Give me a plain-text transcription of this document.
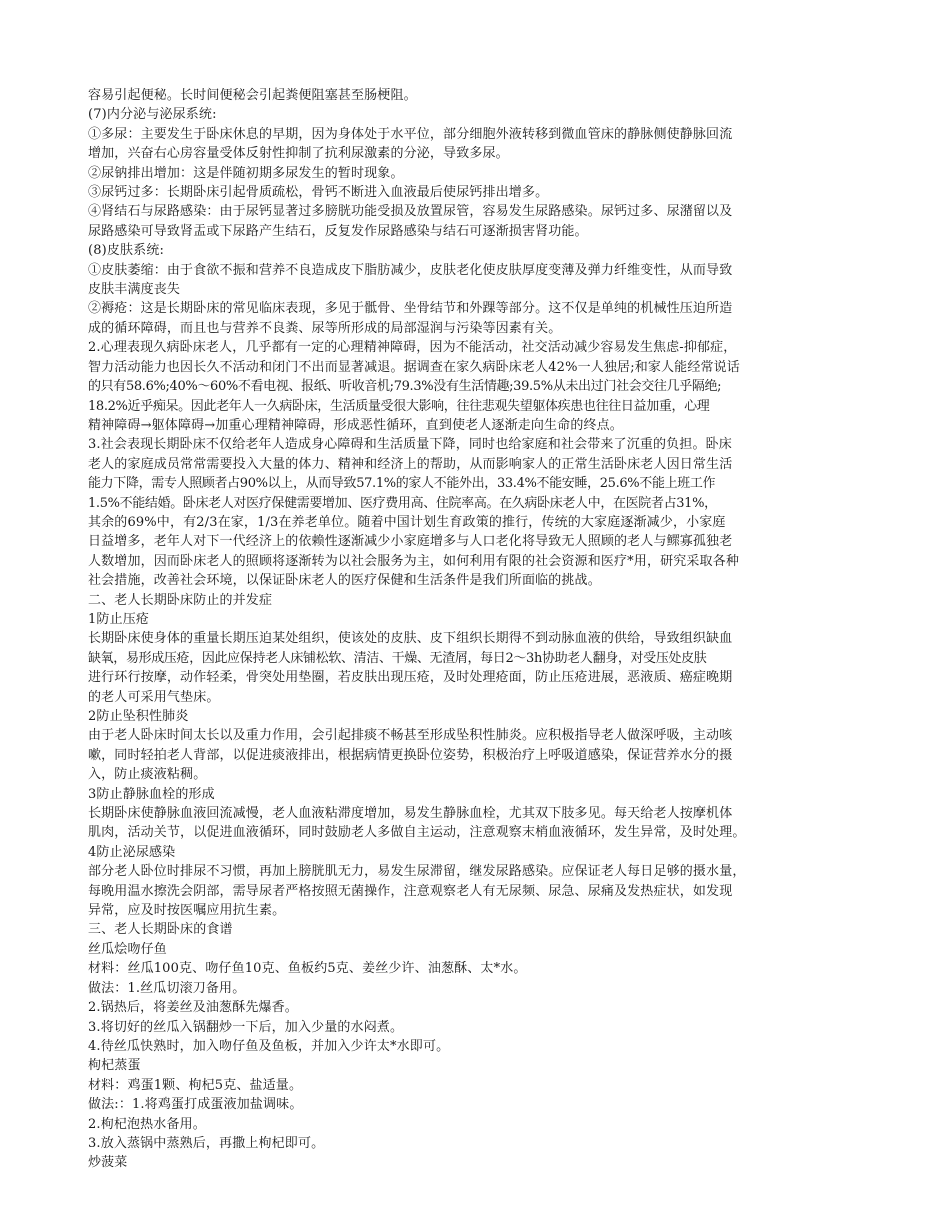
容易引起便秘。长时间便秘会引起粪便阻塞甚至肠梗阻。
(7)内分泌与泌尿系统:
①多尿：主要发生于卧床休息的早期，因为身体处于水平位，部分细胞外液转移到微血管床的静脉侧使静脉回流
增加，兴奋右心房容量受体反射性抑制了抗利尿激素的分泌，导致多尿。
②尿钠排出增加：这是伴随初期多尿发生的暂时现象。
③尿钙过多：长期卧床引起骨质疏松，骨钙不断进入血液最后使尿钙排出增多。
④肾结石与尿路感染：由于尿钙显著过多膀胱功能受损及放置尿管，容易发生尿路感染。尿钙过多、尿潴留以及
尿路感染可导致肾盂或下尿路产生结石，反复发作尿路感染与结石可逐渐损害肾功能。
(8)皮肤系统:
①皮肤萎缩：由于食欲不振和营养不良造成皮下脂肪减少，皮肤老化使皮肤厚度变薄及弹力纤维变性，从而导致
皮肤丰满度丧失
②褥疮：这是长期卧床的常见临床表现，多见于骶骨、坐骨结节和外踝等部分。这不仅是单纯的机械性压迫所造
成的循环障碍，而且也与营养不良粪、尿等所形成的局部湿润与污染等因素有关。
2.心理表现久病卧床老人，几乎都有一定的心理精神障碍，因为不能活动，社交活动减少容易发生焦虑-抑郁症，
智力活动能力也因长久不活动和闭门不出而显著减退。据调查在家久病卧床老人42%一人独居;和家人能经常说话
的只有58.6%;40%～60%不看电视、报纸、听收音机;79.3%没有生活情趣;39.5%从未出过门社会交往几乎隔绝;
18.2%近乎痴呆。因此老年人一久病卧床，生活质量受很大影响，往往悲观失望躯体疾患也往往日益加重，心理
精神障碍→躯体障碍→加重心理精神障碍，形成恶性循环，直到使老人逐渐走向生命的终点。
3.社会表现长期卧床不仅给老年人造成身心障碍和生活质量下降，同时也给家庭和社会带来了沉重的负担。卧床
老人的家庭成员常常需要投入大量的体力、精神和经济上的帮助，从而影响家人的正常生活卧床老人因日常生活
能力下降，需专人照顾者占90%以上，从而导致57.1%的家人不能外出，33.4%不能安睡，25.6%不能上班工作
1.5%不能结婚。卧床老人对医疗保健需要增加、医疗费用高、住院率高。在久病卧床老人中，在医院者占31%，
其余的69%中，有2/3在家，1/3在养老单位。随着中国计划生育政策的推行，传统的大家庭逐渐减少，小家庭
日益增多，老年人对下一代经济上的依赖性逐渐减少小家庭增多与人口老化将导致无人照顾的老人与鳏寡孤独老
人数增加，因而卧床老人的照顾将逐渐转为以社会服务为主，如何利用有限的社会资源和医疗*用，研究采取各种
社会措施，改善社会环境，以保证卧床老人的医疗保健和生活条件是我们所面临的挑战。
二、老人长期卧床防止的并发症
1防止压疮
长期卧床使身体的重量长期压迫某处组织，使该处的皮肤、皮下组织长期得不到动脉血液的供给，导致组织缺血
缺氧，易形成压疮，因此应保持老人床铺松软、清洁、干燥、无渣屑，每日2～3h协助老人翻身，对受压处皮肤
进行环行按摩，动作轻柔，骨突处用垫圈，若皮肤出现压疮，及时处理疮面，防止压疮进展，恶液质、癌症晚期
的老人可采用气垫床。
2防止坠积性肺炎
由于老人卧床时间太长以及重力作用，会引起排痰不畅甚至形成坠积性肺炎。应积极指导老人做深呼吸，主动咳
嗽，同时轻拍老人背部，以促进痰液排出，根据病情更换卧位姿势，积极治疗上呼吸道感染，保证营养水分的摄
入，防止痰液粘稠。
3防止静脉血栓的形成
长期卧床使静脉血液回流减慢，老人血液粘滞度增加，易发生静脉血栓，尤其双下肢多见。每天给老人按摩机体
肌肉，活动关节，以促进血液循环，同时鼓励老人多做自主运动，注意观察末梢血液循环，发生异常，及时处理。
4防止泌尿感染
部分老人卧位时排尿不习惯，再加上膀胱肌无力，易发生尿滞留，继发尿路感染。应保证老人每日足够的摄水量，
每晚用温水擦洗会阴部，需导尿者严格按照无菌操作，注意观察老人有无尿频、尿急、尿痛及发热症状，如发现
异常，应及时按医嘱应用抗生素。
三、老人长期卧床的食谱
丝瓜烩吻仔鱼
材料：丝瓜100克、吻仔鱼10克、鱼板约5克、姜丝少许、油葱酥、太*水。
做法：1.丝瓜切滚刀备用。
2.锅热后，将姜丝及油葱酥先爆香。
3.将切好的丝瓜入锅翻炒一下后，加入少量的水闷煮。
4.待丝瓜快熟时，加入吻仔鱼及鱼板，并加入少许太*水即可。
枸杞蒸蛋
材料：鸡蛋1颗、枸杞5克、盐适量。
做法:：1.将鸡蛋打成蛋液加盐调味。
2.枸杞泡热水备用。
3.放入蒸锅中蒸熟后，再撒上枸杞即可。
炒菠菜
